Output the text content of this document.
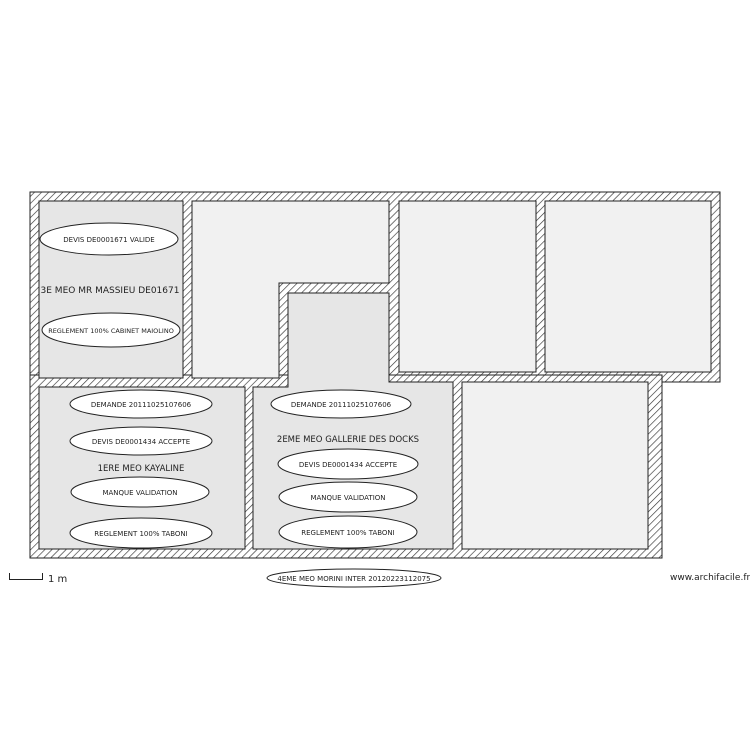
DEVIS DE0001671 VALIDE
3E MEO MR MASSIEU DE01671
REGLEMENT 100% CABINET MAIOLINO
DEMANDE 20111025107606
DEVIS DE0001434 ACCEPTE
1ERE MEO KAYALINE
MANQUE VALIDATION
REGLEMENT 100% TABONI
DEMANDE 20111025107606
2EME MEO GALLERIE DES DOCKS
DEVIS DE0001434 ACCEPTE
MANQUE VALIDATION
REGLEMENT 100% TABONI
4EME MEO MORINI INTER 20120223112075
1 m	www.archifacile.fr
